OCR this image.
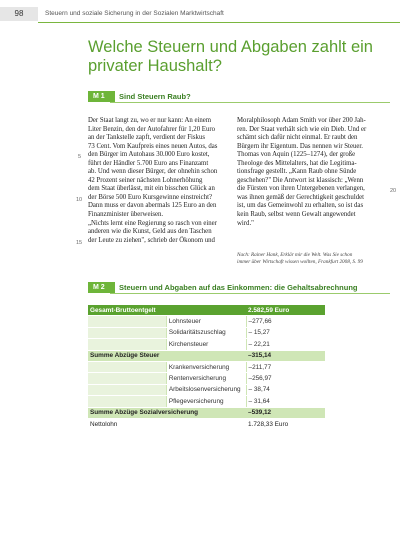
98	Steuern und soziale Sicherung in der Sozialen Marktwirtschaft
Welche Steuern und Abgaben zahlt ein privater Haushalt?
M 1	Sind Steuern Raub?
Der Staat langt zu, wo er nur kann: An einem
Liter Benzin, den der Autofahrer für 1,20 Euro
an der Tankstelle zapft, verdient der Fiskus
73 Cent. Vom Kaufpreis eines neuen Autos, das
den Bürger im Autohaus 30.000 Euro kostet,
führt der Händler 5.700 Euro ans Finanzamt
ab. Und wenn dieser Bürger, der ohnehin schon
42 Prozent seiner nächsten Lohnerhöhung
dem Staat überlässt, mit ein bisschen Glück an
der Börse 500 Euro Kursgewinne einstreicht?
Dann muss er davon abermals 125 Euro an den
Finanzminister überweisen.
„Nichts lernt eine Regierung so rasch von einer
anderen wie die Kunst, Geld aus den Taschen
der Leute zu ziehen", schrieb der Ökonom und
Moralphilosoph Adam Smith vor über 200 Jah-
ren. Der Staat verhält sich wie ein Dieb. Und er
schämt sich dafür nicht einmal. Er raubt den
Bürgern ihr Eigentum. Das nennen wir Steuer.
Thomas von Aquin (1225–1274), der große
Theologe des Mittelalters, hat die Legitima-
tionsfrage gestellt. „Kann Raub ohne Sünde
geschehen?" Die Antwort ist klassisch: „Wenn
die Fürsten von ihren Untergebenen verlangen,
was ihnen gemäß der Gerechtigkeit geschuldet
ist, um das Gemeinwohl zu erhalten, so ist das
kein Raub, selbst wenn Gewalt angewendet
wird."
5
10
15
20
Nach: Rainer Hank, Erklär mir die Welt. Was Sie schon
immer über Wirtschaft wissen wollten, Frankfurt 2008, S. 99
M 2	Steuern und Abgaben auf das Einkommen: die Gehaltsabrechnung
Gesamt-Bruttoentgelt		2.582,59 Euro
	Lohnsteuer	–277,66
	Solidaritätszuschlag	– 15,27
	Kirchensteuer	– 22,21
Summe Abzüge Steuer		–315,14
	Krankenversicherung	–211,77
	Rentenversicherung	–256,97
	Arbeitslosenversicherung	– 38,74
	Pflegeversicherung	– 31,64
Summe Abzüge Sozialversicherung		–539,12
Nettolohn		1.728,33 Euro
